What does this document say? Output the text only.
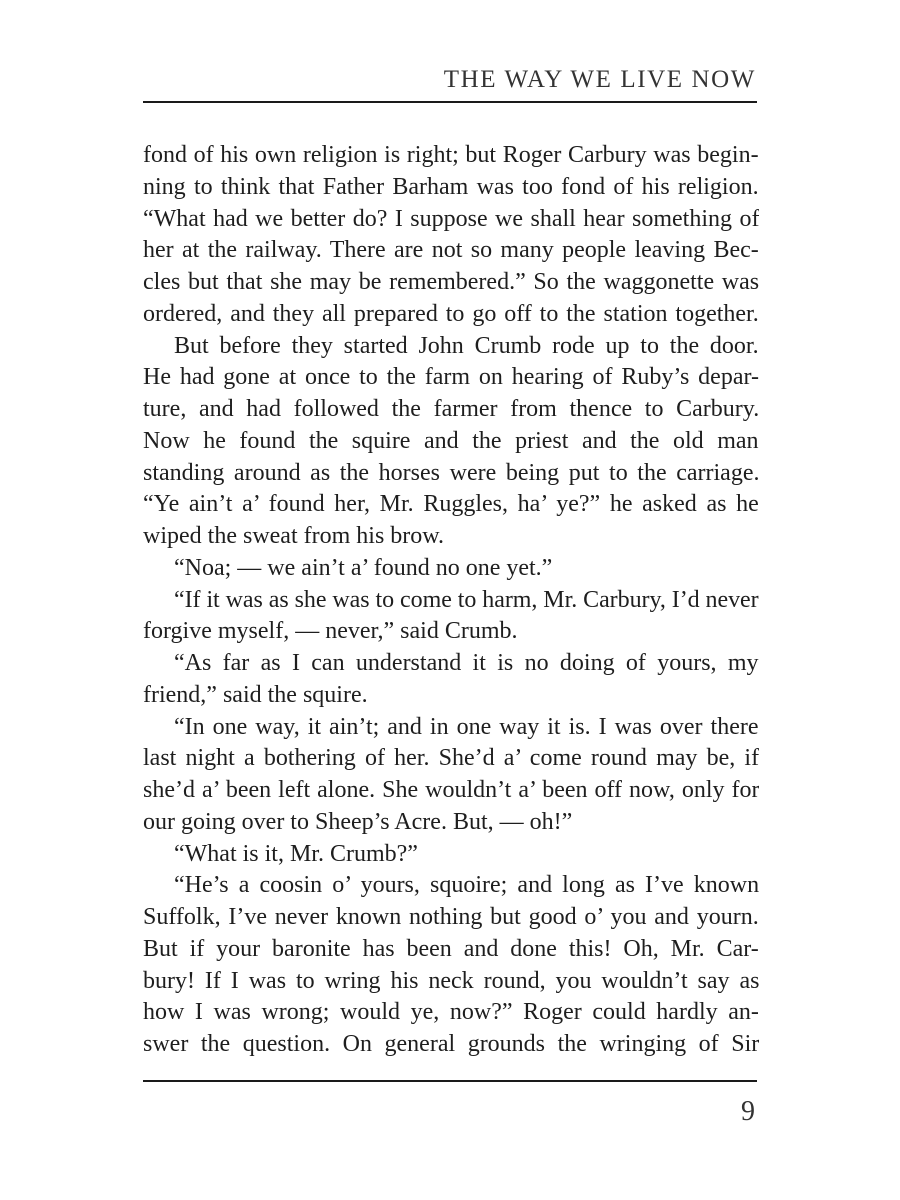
THE WAY WE LIVE NOW
fond of his own religion is right; but Roger Carbury was begin-
ning to think that Father Barham was too fond of his religion.
“What had we better do? I suppose we shall hear something of
her at the railway. There are not so many people leaving Bec-
cles but that she may be remembered.” So the waggonette was
ordered, and they all prepared to go off to the station together.
But before they started John Crumb rode up to the door.
He had gone at once to the farm on hearing of Ruby’s depar-
ture, and had followed the farmer from thence to Carbury.
Now he found the squire and the priest and the old man
standing around as the horses were being put to the carriage.
“Ye ain’t a’ found her, Mr. Ruggles, ha’ ye?” he asked as he
wiped the sweat from his brow.
“Noa; — we ain’t a’ found no one yet.”
“If it was as she was to come to harm, Mr. Carbury, I’d never
forgive myself, — never,” said Crumb.
“As far as I can understand it is no doing of yours, my
friend,” said the squire.
“In one way, it ain’t; and in one way it is. I was over there
last night a bothering of her. She’d a’ come round may be, if
she’d a’ been left alone. She wouldn’t a’ been off now, only for
our going over to Sheep’s Acre. But, — oh!”
“What is it, Mr. Crumb?”
“He’s a coosin o’ yours, squoire; and long as I’ve known
Suffolk, I’ve never known nothing but good o’ you and yourn.
But if your baronite has been and done this! Oh, Mr. Car-
bury! If I was to wring his neck round, you wouldn’t say as
how I was wrong; would ye, now?” Roger could hardly an-
swer the question. On general grounds the wringing of Sir
9
